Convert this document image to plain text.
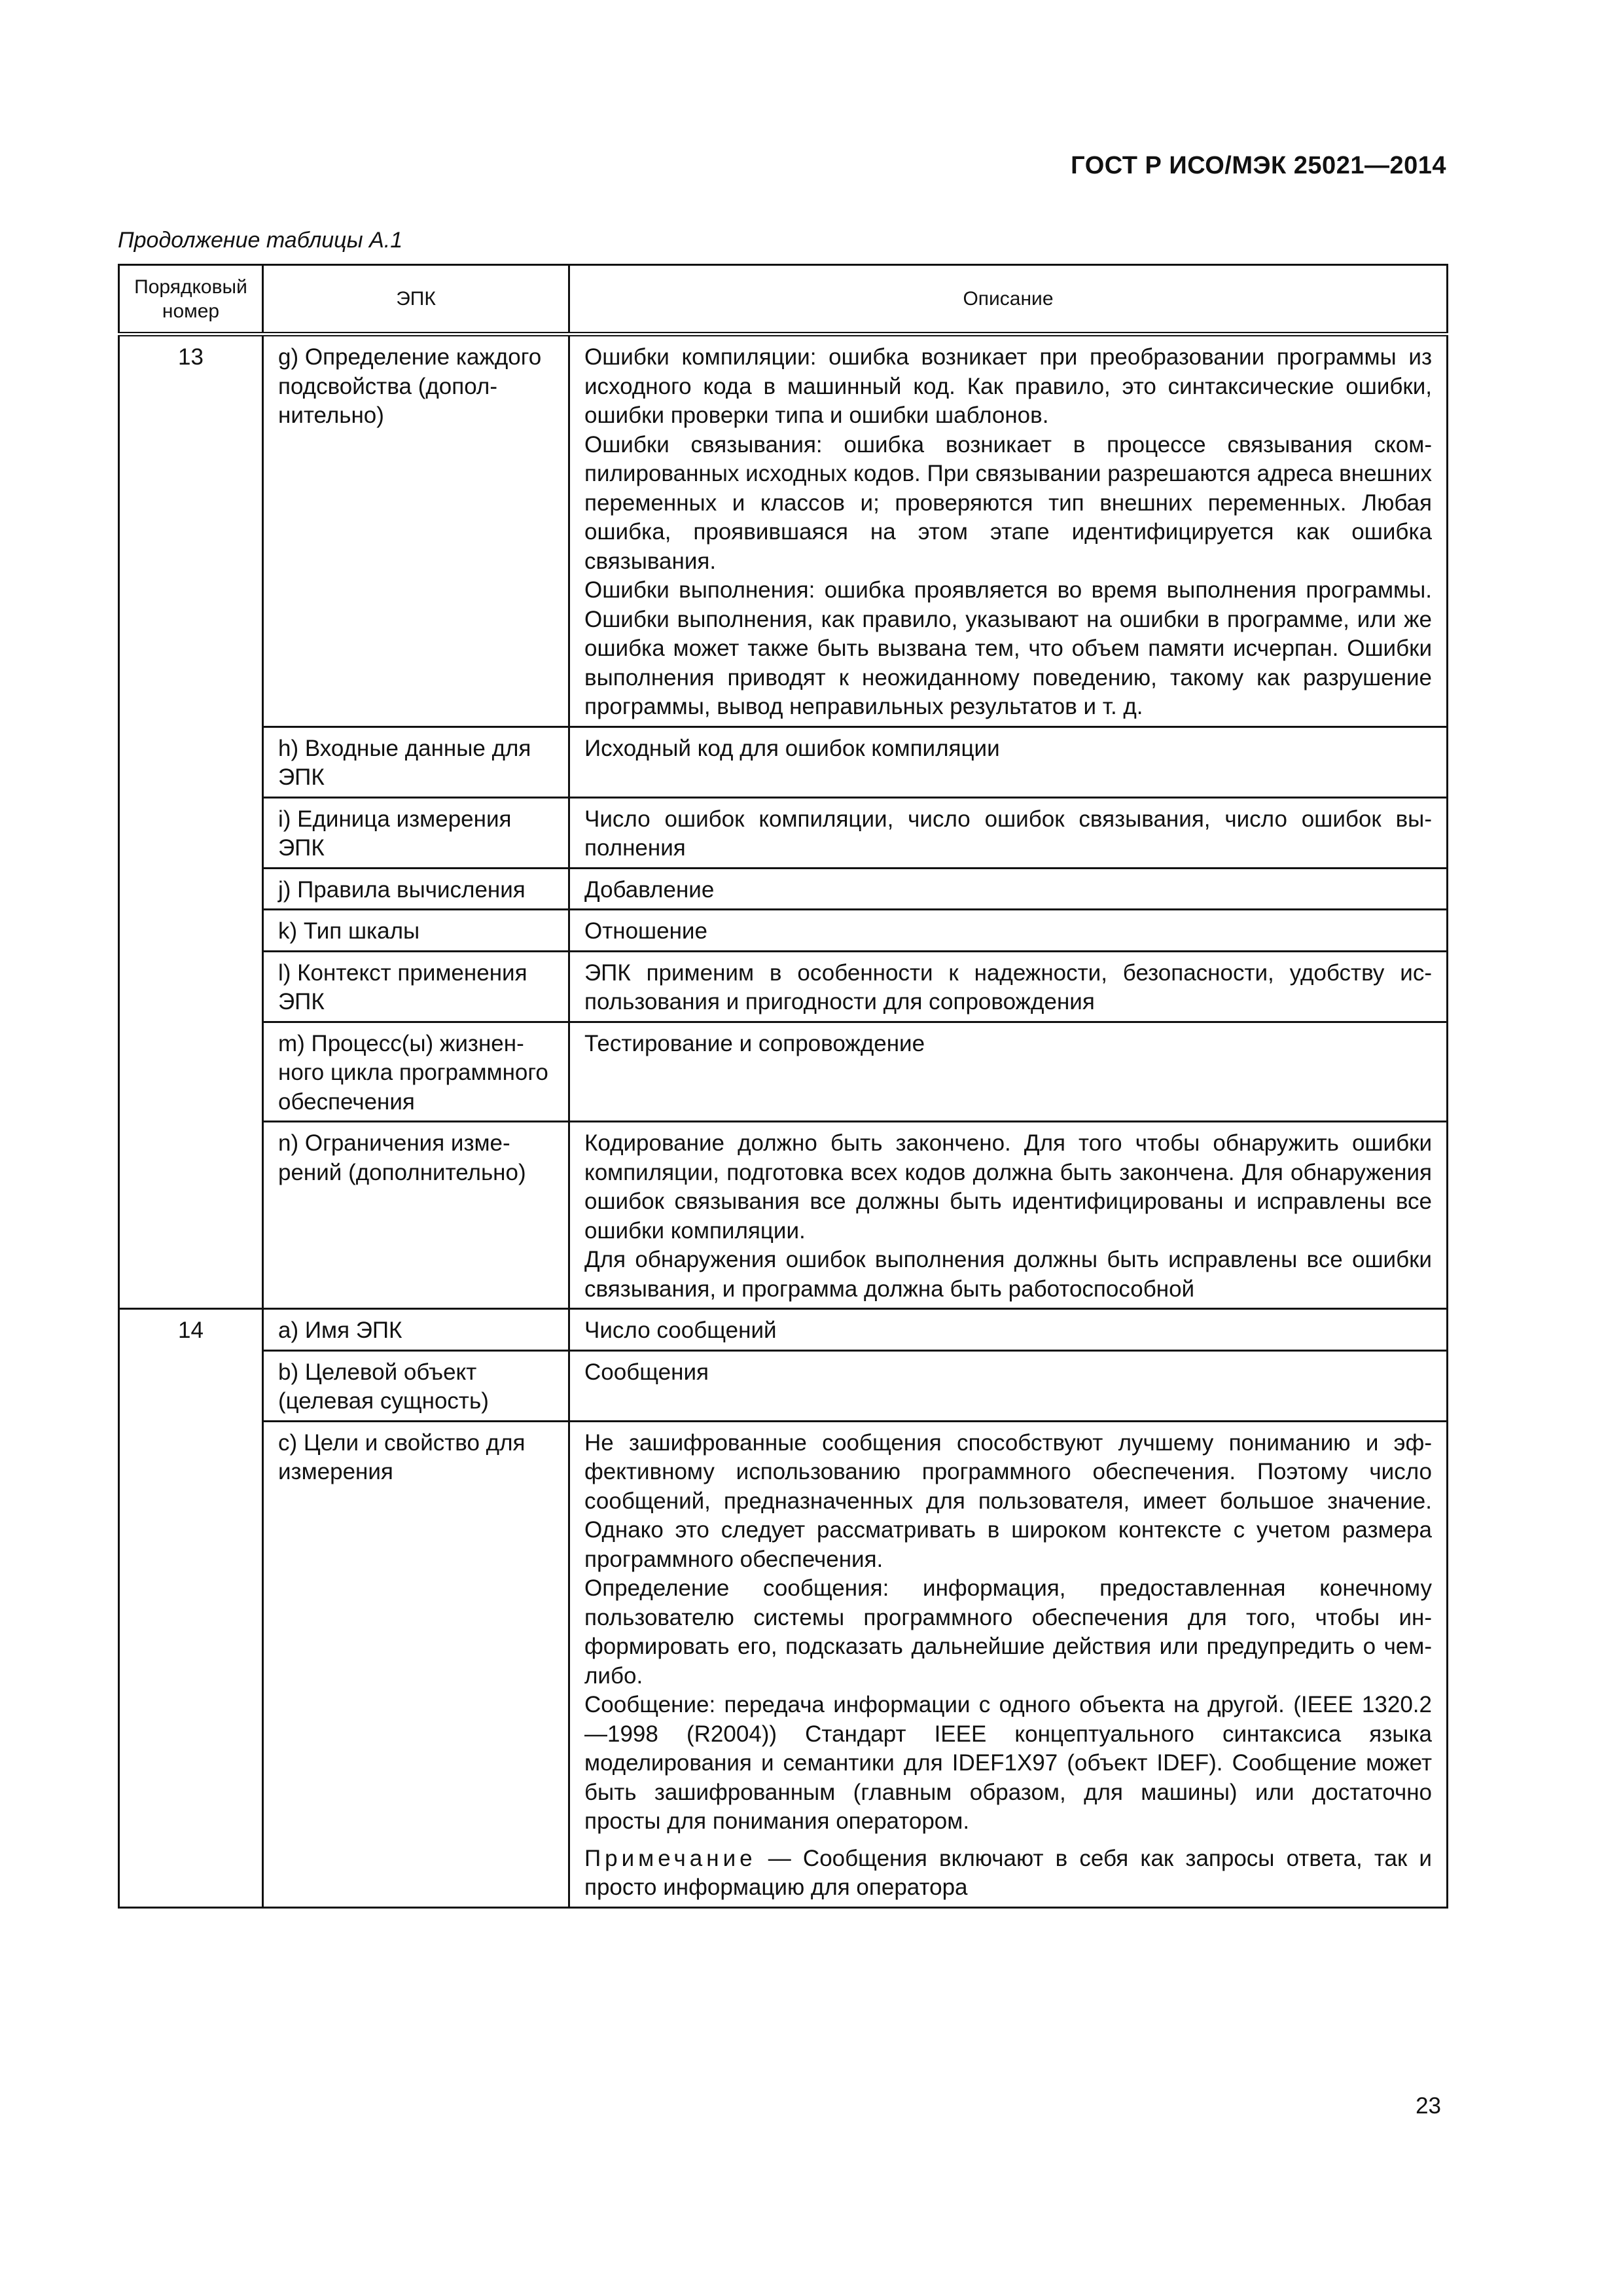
ГОСТ Р ИСО/МЭК 25021—2014
Продолжение таблицы А.1
Порядковый номер	ЭПК	Описание
13	g) Определение каждого подсвойства (дополнительно)	Ошибки компиляции: ошибка возникает при преобразовании программы из исходного кода в машинный код. Как правило, это синтаксические ошибки, ошибки проверки типа и ошибки шаблонов.
Ошибки связывания: ошибка возникает в процессе связывания скомпилированных исходных кодов. При связывании разрешаются адреса внешних переменных и классов и; проверяются тип внешних переменных. Любая ошибка, проявившаяся на этом этапе идентифицируется как ошибка связывания.
Ошибки выполнения: ошибка проявляется во время выполнения программы. Ошибки выполнения, как правило, указывают на ошибки в программе, или же ошибка может также быть вызвана тем, что объем памяти исчерпан. Ошибки выполнения приводят к неожиданному поведению, такому как разрушение программы, вывод неправильных результатов и т. д.

	h) Входные данные для ЭПК	Исходный код для ошибок компиляции
	i) Единица измерения ЭПК	Число ошибок компиляции, число ошибок связывания, число ошибок выполнения
	j) Правила вычисления	Добавление
	k) Тип шкалы	Отношение
	l) Контекст применения ЭПК	ЭПК применим в особенности к надежности, безопасности, удобству использования и пригодности для сопровождения
	m) Процесс(ы) жизненного цикла программного обеспечения	Тестирование и сопровождение
	n) Ограничения измерений (дополнительно)	Кодирование должно быть закончено. Для того чтобы обнаружить ошибки компиляции, подготовка всех кодов должна быть закончена. Для обнаружения ошибок связывания все должны быть идентифицированы и исправлены все ошибки компиляции.
Для обнаружения ошибок выполнения должны быть исправлены все ошибки связывания, и программа должна быть работоспособной

14	a) Имя ЭПК	Число сообщений
	b) Целевой объект (целевая сущность)	Сообщения
	c) Цели и свойство для измерения	Не зашифрованные сообщения способствуют лучшему пониманию и эффективному использованию программного обеспечения. Поэтому число сообщений, предназначенных для пользователя, имеет большое значение. Однако это следует рассматривать в широком контексте с учетом размера программного обеспечения.
Определение сообщения: информация, предоставленная конечному пользователю системы программного обеспечения для того, чтобы информировать его, подсказать дальнейшие действия или предупредить о чем-либо.
Сообщение: передача информации с одного объекта на другой. (IEEE 1320.2—1998 (R2004)) Стандарт IEEE концептуального синтаксиса языка моделирования и семантики для IDEF1X97 (объект IDEF). Сообщение может быть зашифрованным (главным образом, для машины) или достаточно просты для понимания оператором.
Примечание — Сообщения включают в себя как запросы ответа, так и просто информацию для оператора
23
